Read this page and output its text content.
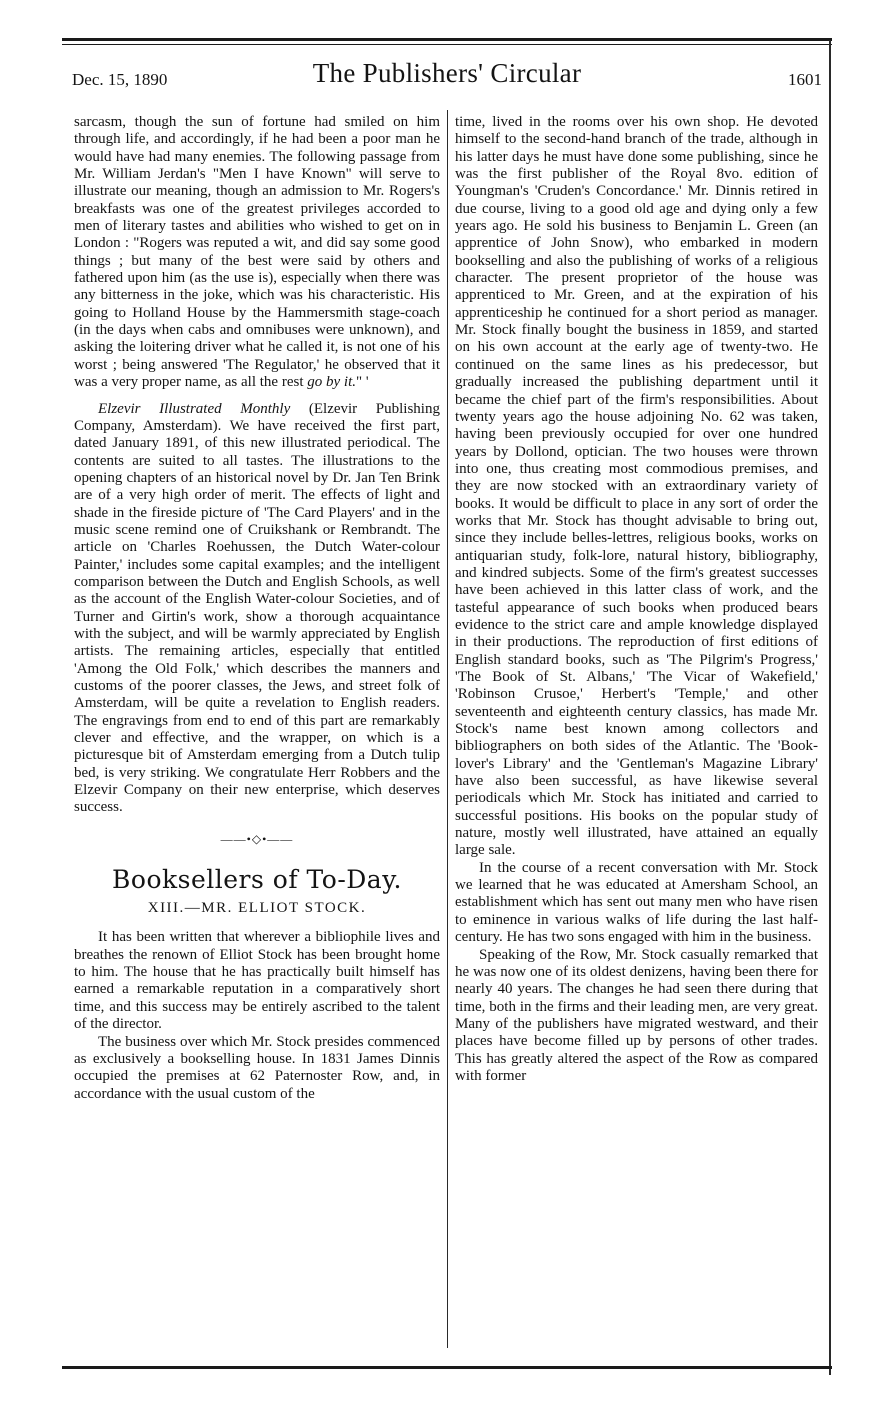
Dec. 15, 1890	The Publishers' Circular	1601

sarcasm, though the sun of fortune had smiled on him through life, and accordingly, if he had been a poor man he would have had many enemies. The following passage from Mr. William Jerdan's "Men I have Known" will serve to illustrate our meaning, though an admission to Mr. Rogers's breakfasts was one of the greatest privileges accorded to men of literary tastes and abilities who wished to get on in London : "Rogers was reputed a wit, and did say some good things ; but many of the best were said by others and fathered upon him (as the use is), especially when there was any bitterness in the joke, which was his characteristic. His going to Holland House by the Hammersmith stage-coach (in the days when cabs and omnibuses were unknown), and asking the loitering driver what he called it, is not one of his worst ; being answered 'The Regulator,' he observed that it was a very proper name, as all the rest go by it." '

Elzevir Illustrated Monthly (Elzevir Publishing Company, Amsterdam). We have received the first part, dated January 1891, of this new illustrated periodical. The contents are suited to all tastes. The illustrations to the opening chapters of an historical novel by Dr. Jan Ten Brink are of a very high order of merit. The effects of light and shade in the fireside picture of 'The Card Players' and in the music scene remind one of Cruikshank or Rembrandt. The article on 'Charles Roehussen, the Dutch Water-colour Painter,' includes some capital examples; and the intelligent comparison between the Dutch and English Schools, as well as the account of the English Water-colour Societies, and of Turner and Girtin's work, show a thorough acquaintance with the subject, and will be warmly appreciated by English artists. The remaining articles, especially that entitled 'Among the Old Folk,' which describes the manners and customs of the poorer classes, the Jews, and street folk of Amsterdam, will be quite a revelation to English readers. The engravings from end to end of this part are remarkably clever and effective, and the wrapper, on which is a picturesque bit of Amsterdam emerging from a Dutch tulip bed, is very striking. We congratulate Herr Robbers and the Elzevir Company on their new enterprise, which deserves success.

——•◇•——
Booksellers of To-Day.
XIII.—MR. ELLIOT STOCK.

It has been written that wherever a bibliophile lives and breathes the renown of Elliot Stock has been brought home to him. The house that he has practically built himself has earned a remarkable reputation in a comparatively short time, and this success may be entirely ascribed to the talent of the director.

The business over which Mr. Stock presides commenced as exclusively a bookselling house. In 1831 James Dinnis occupied the premises at 62 Paternoster Row, and, in accordance with the usual custom of the

time, lived in the rooms over his own shop. He devoted himself to the second-hand branch of the trade, although in his latter days he must have done some publishing, since he was the first publisher of the Royal 8vo. edition of Youngman's 'Cruden's Concordance.' Mr. Dinnis retired in due course, living to a good old age and dying only a few years ago. He sold his business to Benjamin L. Green (an apprentice of John Snow), who embarked in modern bookselling and also the publishing of works of a religious character. The present proprietor of the house was apprenticed to Mr. Green, and at the expiration of his apprenticeship he continued for a short period as manager. Mr. Stock finally bought the business in 1859, and started on his own account at the early age of twenty-two. He continued on the same lines as his predecessor, but gradually increased the publishing department until it became the chief part of the firm's responsibilities. About twenty years ago the house adjoining No. 62 was taken, having been previously occupied for over one hundred years by Dollond, optician. The two houses were thrown into one, thus creating most commodious premises, and they are now stocked with an extraordinary variety of books. It would be difficult to place in any sort of order the works that Mr. Stock has thought advisable to bring out, since they include belles-lettres, religious books, works on antiquarian study, folk-lore, natural history, bibliography, and kindred subjects. Some of the firm's greatest successes have been achieved in this latter class of work, and the tasteful appearance of such books when produced bears evidence to the strict care and ample knowledge displayed in their productions. The reproduction of first editions of English standard books, such as 'The Pilgrim's Progress,' 'The Book of St. Albans,' 'The Vicar of Wakefield,' 'Robinson Crusoe,' Herbert's 'Temple,' and other seventeenth and eighteenth century classics, has made Mr. Stock's name best known among collectors and bibliographers on both sides of the Atlantic. The 'Book-lover's Library' and the 'Gentleman's Magazine Library' have also been successful, as have likewise several periodicals which Mr. Stock has initiated and carried to successful positions. His books on the popular study of nature, mostly well illustrated, have attained an equally large sale.

In the course of a recent conversation with Mr. Stock we learned that he was educated at Amersham School, an establishment which has sent out many men who have risen to eminence in various walks of life during the last half-century. He has two sons engaged with him in the business.

Speaking of the Row, Mr. Stock casually remarked that he was now one of its oldest denizens, having been there for nearly 40 years. The changes he had seen there during that time, both in the firms and their leading men, are very great. Many of the publishers have migrated westward, and their places have become filled up by persons of other trades. This has greatly altered the aspect of the Row as compared with former
